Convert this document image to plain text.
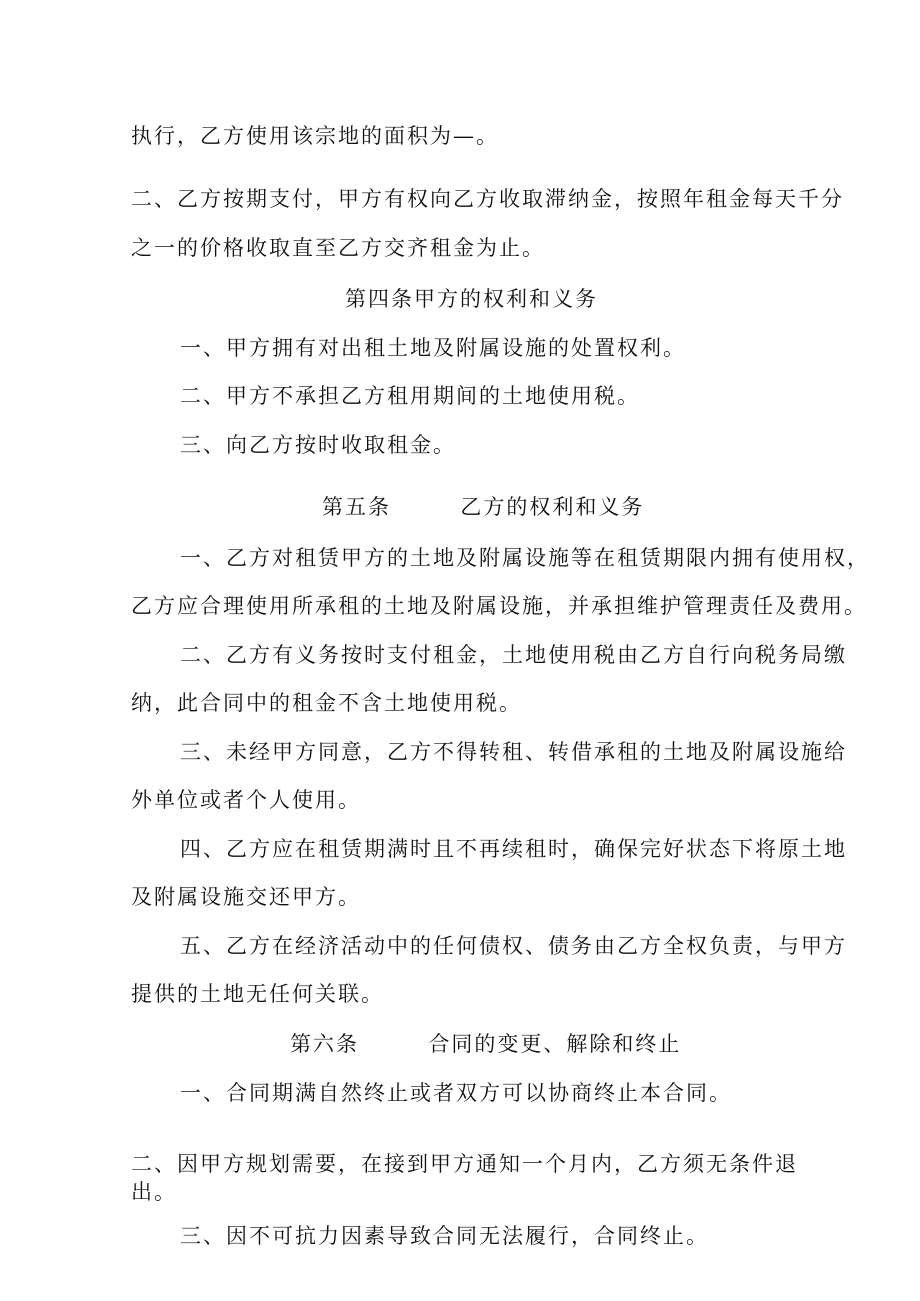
执行，乙方使用该宗地的面积为—。
二、乙方按期支付，甲方有权向乙方收取滞纳金，按照年租金每天千分
之一的价格收取直至乙方交齐租金为止。
第四条甲方的权利和义务
一、甲方拥有对出租土地及附属设施的处置权利。
二、甲方不承担乙方租用期间的土地使用税。
三、向乙方按时收取租金。
第五条        乙方的权利和义务
一、乙方对租赁甲方的土地及附属设施等在租赁期限内拥有使用权，
乙方应合理使用所承租的土地及附属设施，并承担维护管理责任及费用。
二、乙方有义务按时支付租金，土地使用税由乙方自行向税务局缴
纳，此合同中的租金不含土地使用税。
三、未经甲方同意，乙方不得转租、转借承租的土地及附属设施给
外单位或者个人使用。
四、乙方应在租赁期满时且不再续租时，确保完好状态下将原土地
及附属设施交还甲方。
五、乙方在经济活动中的任何债权、债务由乙方全权负责，与甲方
提供的土地无任何关联。
第六条        合同的变更、解除和终止
一、合同期满自然终止或者双方可以协商终止本合同。
二、因甲方规划需要，在接到甲方通知一个月内，乙方须无条件退
出。
三、因不可抗力因素导致合同无法履行，合同终止。
